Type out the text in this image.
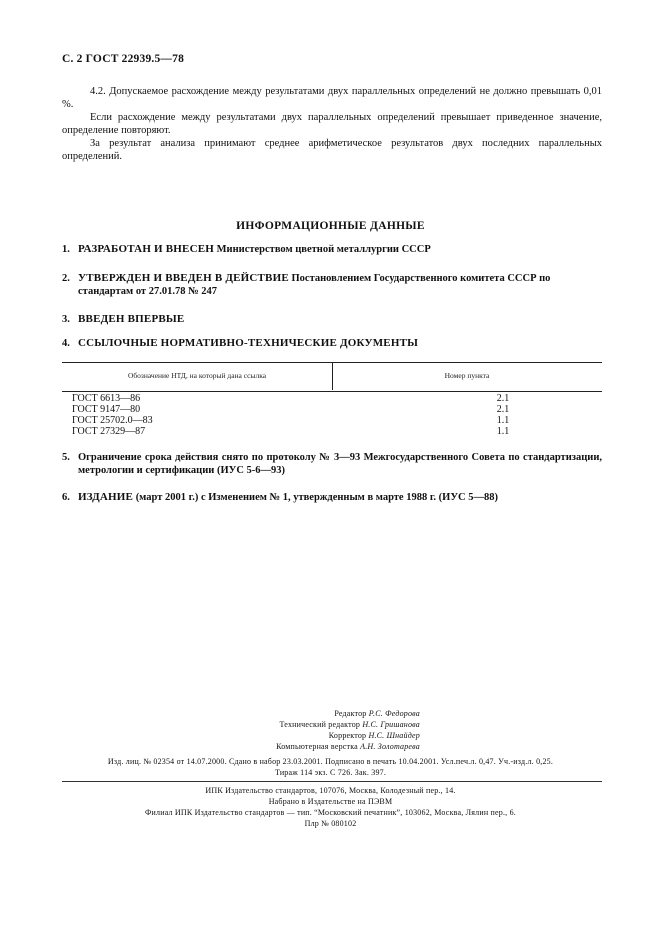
С. 2 ГОСТ 22939.5—78
4.2. Допускаемое расхождение между результатами двух параллельных определений не должно превышать 0,01 %.
Если расхождение между результатами двух параллельных определений превышает приведенное значение, определение повторяют.
За результат анализа принимают среднее арифметическое результатов двух последних параллельных определений.
ИНФОРМАЦИОННЫЕ ДАННЫЕ
1. РАЗРАБОТАН И ВНЕСЕН Министерством цветной металлургии СССР
2. УТВЕРЖДЕН И ВВЕДЕН В ДЕЙСТВИЕ Постановлением Государственного комитета СССР по стандартам от 27.01.78 № 247
3. ВВЕДЕН ВПЕРВЫЕ
4. ССЫЛОЧНЫЕ НОРМАТИВНО-ТЕХНИЧЕСКИЕ ДОКУМЕНТЫ
Обозначение НТД, на который дана ссылка	Номер пункта
ГОСТ 6613—86	2.1
ГОСТ 9147—80	2.1
ГОСТ 25702.0—83	1.1
ГОСТ 27329—87	1.1
5. Ограничение срока действия снято по протоколу № 3—93 Межгосударственного Совета по стандартизации, метрологии и сертификации (ИУС 5-6—93)
6. ИЗДАНИЕ (март 2001 г.) с Изменением № 1, утвержденным в марте 1988 г. (ИУС 5—88)
Редактор Р.С. Федорова
Технический редактор Н.С. Гришанова
Корректор Н.С. Шнайдер
Компьютерная верстка А.Н. Золотарева
Изд. лиц. № 02354 от 14.07.2000. Сдано в набор 23.03.2001. Подписано в печать 10.04.2001. Усл.печ.л. 0,47. Уч.-изд.л. 0,25.
Тираж 114 экз. С 726. Зак. 397.
ИПК Издательство стандартов, 107076, Москва, Колодезный пер., 14.
Набрано в Издательстве на ПЭВМ
Филиал ИПК Издательство стандартов — тип. “Московский печатник”, 103062, Москва, Лялин пер., 6.
Плр № 080102
